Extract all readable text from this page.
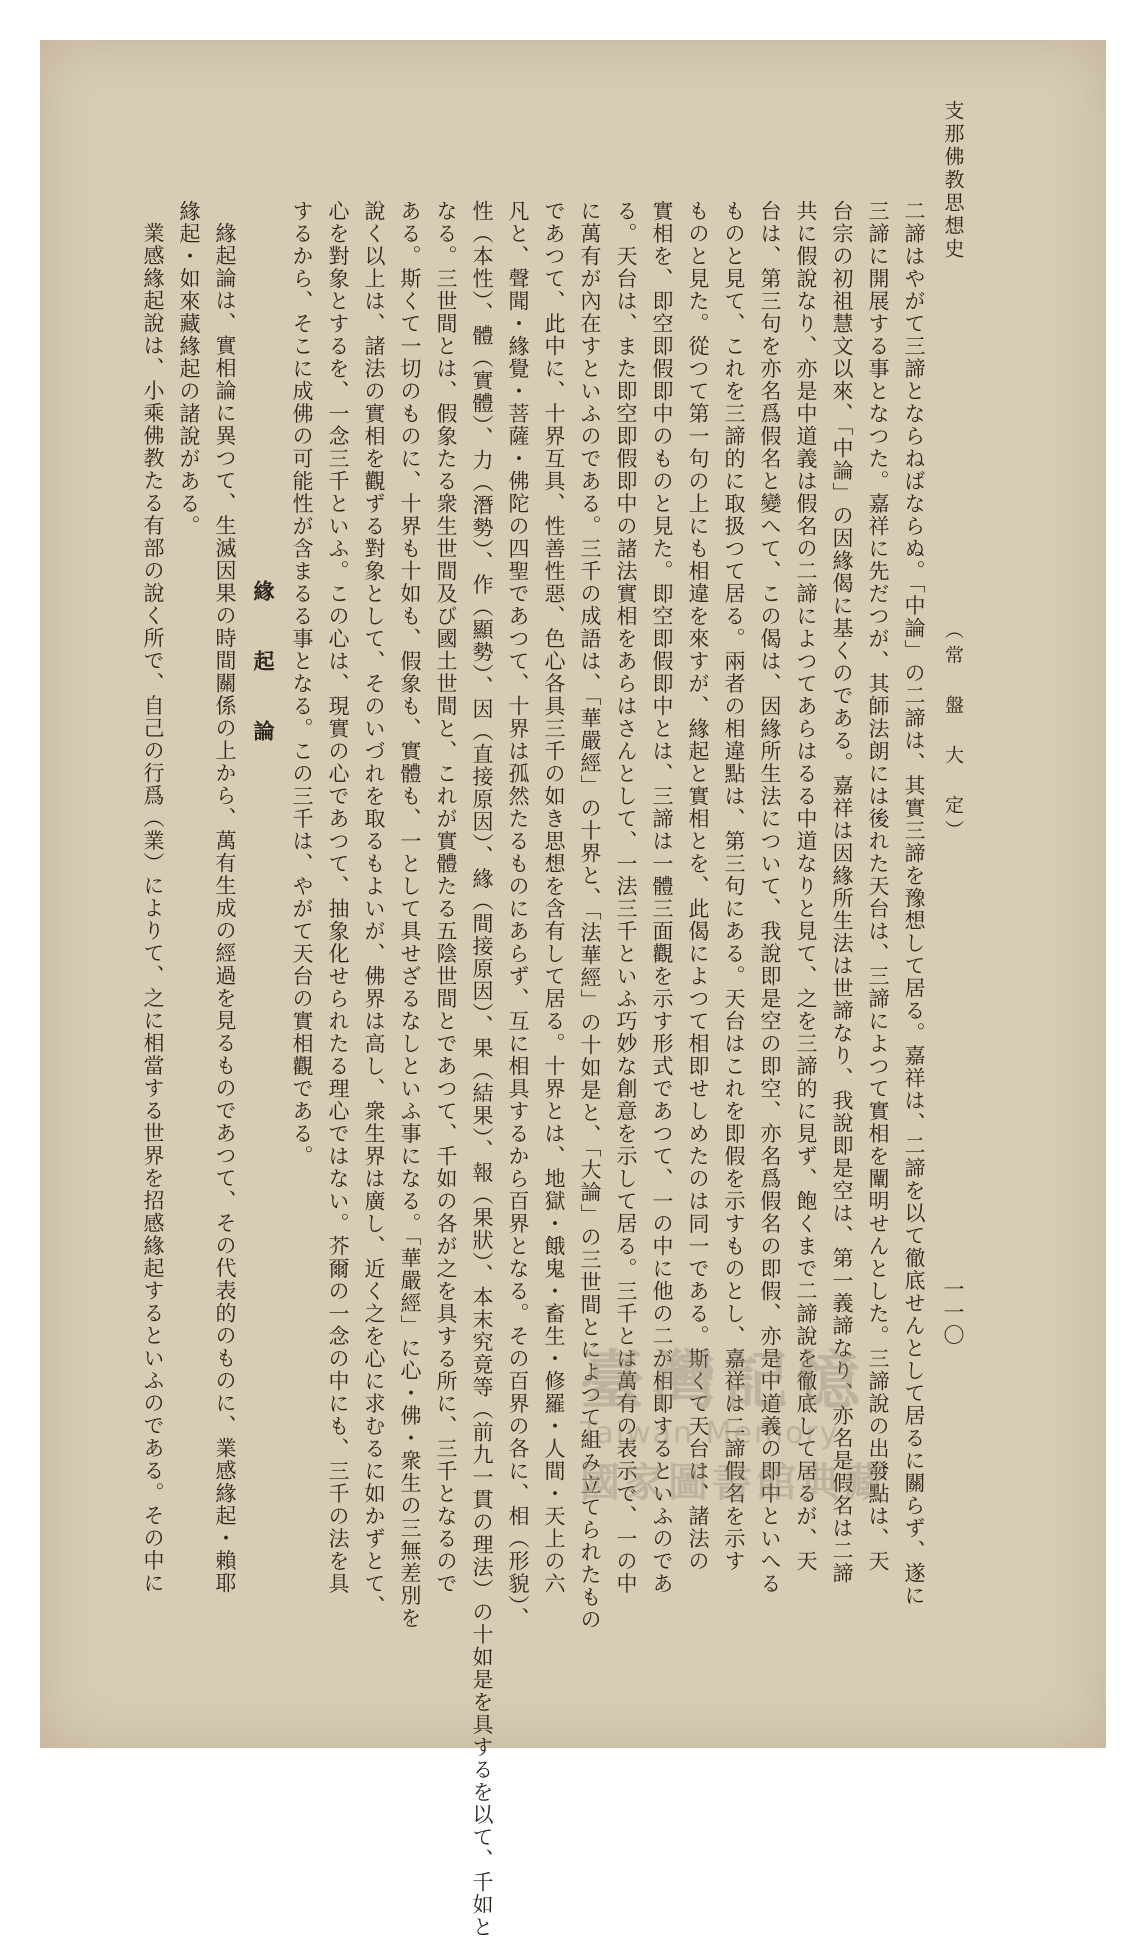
支那佛教思想史
（常　盤　大　定）
一一〇
二諦はやがて三諦とならねばならぬ。「中論」の二諦は、其實三諦を豫想して居る。嘉祥は、二諦を以て徹底せんとして居るに關らず、遂に
三諦に開展する事となつた。嘉祥に先だつが、其師法朗には後れた天台は、三諦によつて實相を闡明せんとした。三諦說の出發點は、天
台宗の初祖慧文以來、「中論」の因緣偈に基くのである。嘉祥は因緣所生法は世諦なり、我說即是空は、第一義諦なり、亦名是假名は二諦
共に假說なり、亦是中道義は假名の二諦によつてあらはるる中道なりと見て、之を三諦的に見ず、飽くまで二諦說を徹底して居るが、天
台は、第三句を亦名爲假名と變へて、この偈は、因緣所生法について、我說即是空の即空、亦名爲假名の即假、亦是中道義の即中といへる
ものと見て、これを三諦的に取扱つて居る。兩者の相違點は、第三句にある。天台はこれを即假を示すものとし、嘉祥は二諦假名を示す
ものと見た。從つて第一句の上にも相違を來すが、緣起と實相とを、此偈によつて相即せしめたのは同一である。斯くて天台は、諸法の
實相を、即空即假即中のものと見た。即空即假即中とは、三諦は一體三面觀を示す形式であつて、一の中に他の二が相即するといふのであ
る。天台は、また即空即假即中の諸法實相をあらはさんとして、一法三千といふ巧妙な創意を示して居る。三千とは萬有の表示で、一の中
に萬有が內在すといふのである。三千の成語は、「華嚴經」の十界と、「法華經」の十如是と、「大論」の三世間とによつて組み立てられたもの
であつて、此中に、十界互具、性善性惡、色心各具三千の如き思想を含有して居る。十界とは、地獄・餓鬼・畜生・修羅・人間・天上の六
凡と、聲聞・緣覺・菩薩・佛陀の四聖であつて、十界は孤然たるものにあらず、互に相具するから百界となる。その百界の各に、相（形貌）、
性（本性）、體（實體）、力（潛勢）、作（顯勢）、因（直接原因）、緣（間接原因）、果（結果）、報（果狀）、本末究竟等（前九一貫の理法）の十如是を具するを以て、千如と
なる。三世間とは、假象たる衆生世間及び國土世間と、これが實體たる五陰世間とであつて、千如の各が之を具する所に、三千となるので
ある。斯くて一切のものに、十界も十如も、假象も、實體も、一として具せざるなしといふ事になる。「華嚴經」に心・佛・衆生の三無差別を
說く以上は、諸法の實相を觀ずる對象として、そのいづれを取るもよいが、佛界は高し、衆生界は廣し、近く之を心に求むるに如かずとて、
心を對象とするを、一念三千といふ。この心は、現實の心であつて、抽象化せられたる理心ではない。芥爾の一念の中にも、三千の法を具
するから、そこに成佛の可能性が含まるる事となる。この三千は、やがて天台の實相觀である。
緣　起　論
緣起論は、實相論に異つて、生滅因果の時間關係の上から、萬有生成の經過を見るものであつて、その代表的のものに、業感緣起・賴耶
緣起・如來藏緣起の諸說がある。
業感緣起說は、小乘佛教たる有部の說く所で、自己の行爲（業）によりて、之に相當する世界を招感緣起するといふのである。その中に	臺灣記憶
Taiwan Memory
國家圖書館典藏
